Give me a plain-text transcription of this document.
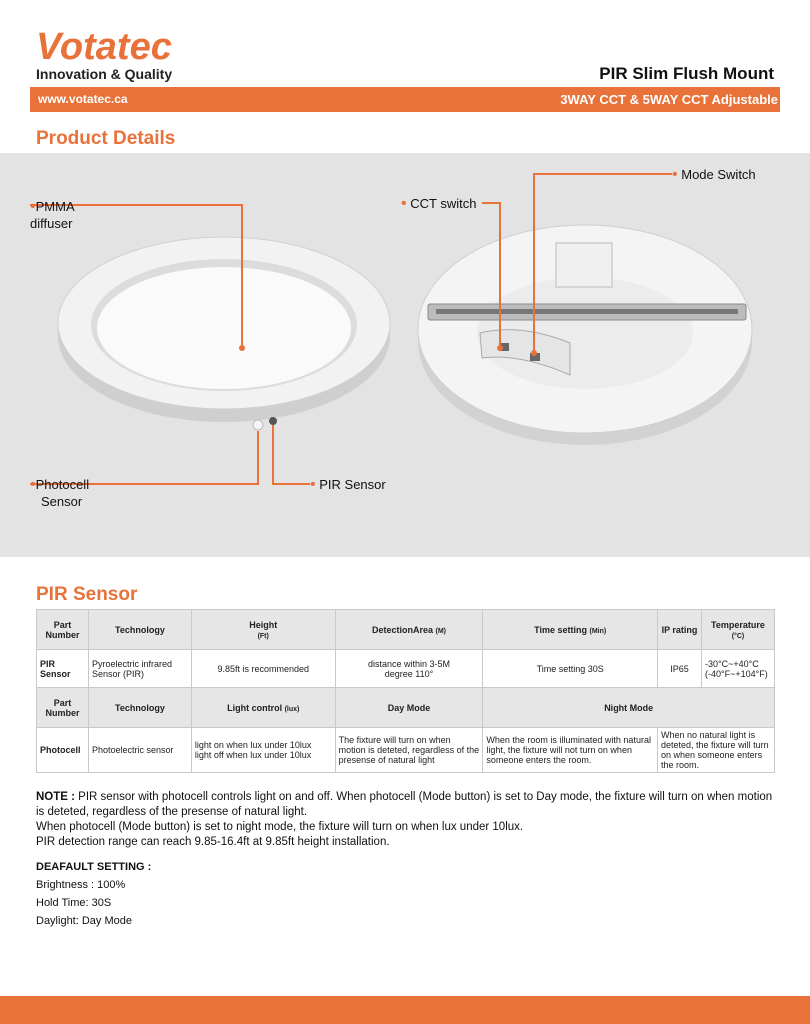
Votatec
Innovation & Quality	PIR Slim Flush Mount
www.votatec.ca	3WAY CCT & 5WAY CCT Adjustable
Product Details
•PMMA
diffuser
• CCT switch
• Mode Switch
•Photocell
Sensor
• PIR Sensor
PIR Sensor
Part Number	Technology	Height
(Ft)	DetectionArea (M)	Time setting (Min)	IP rating	Temperature
(°C)
PIR Sensor	Pyroelectric infrared Sensor (PIR)	9.85ft is recommended	distance within 3-5M
degree 110°	Time setting 30S	IP65	-30°C~+40°C
(-40°F~+104°F)
Part Number	Technology	Light control (lux)	Day Mode	Night Mode		
Photocell	Photoelectric sensor	light on when lux under 10lux
light off when lux under 10lux	The fixture will turn on when motion is deteted, regardless of the presense of natural light	When the room is illuminated with natural light, the fixture will not turn on when someone enters the room.	When no natural light is deteted, the fixture will turn on when someone enters the room.	
NOTE : PIR sensor with photocell controls light on and off. When photocell (Mode button) is set to Day mode, the fixture will turn on when motion is deteted, regardless of the presense of natural light.
When photocell (Mode button) is set to night mode, the fixture will turn on when lux under 10lux.
PIR detection range can reach 9.85-16.4ft at 9.85ft height installation.
DEAFAULT SETTING :
Brightness : 100%
Hold Time: 30S
Daylight: Day Mode
